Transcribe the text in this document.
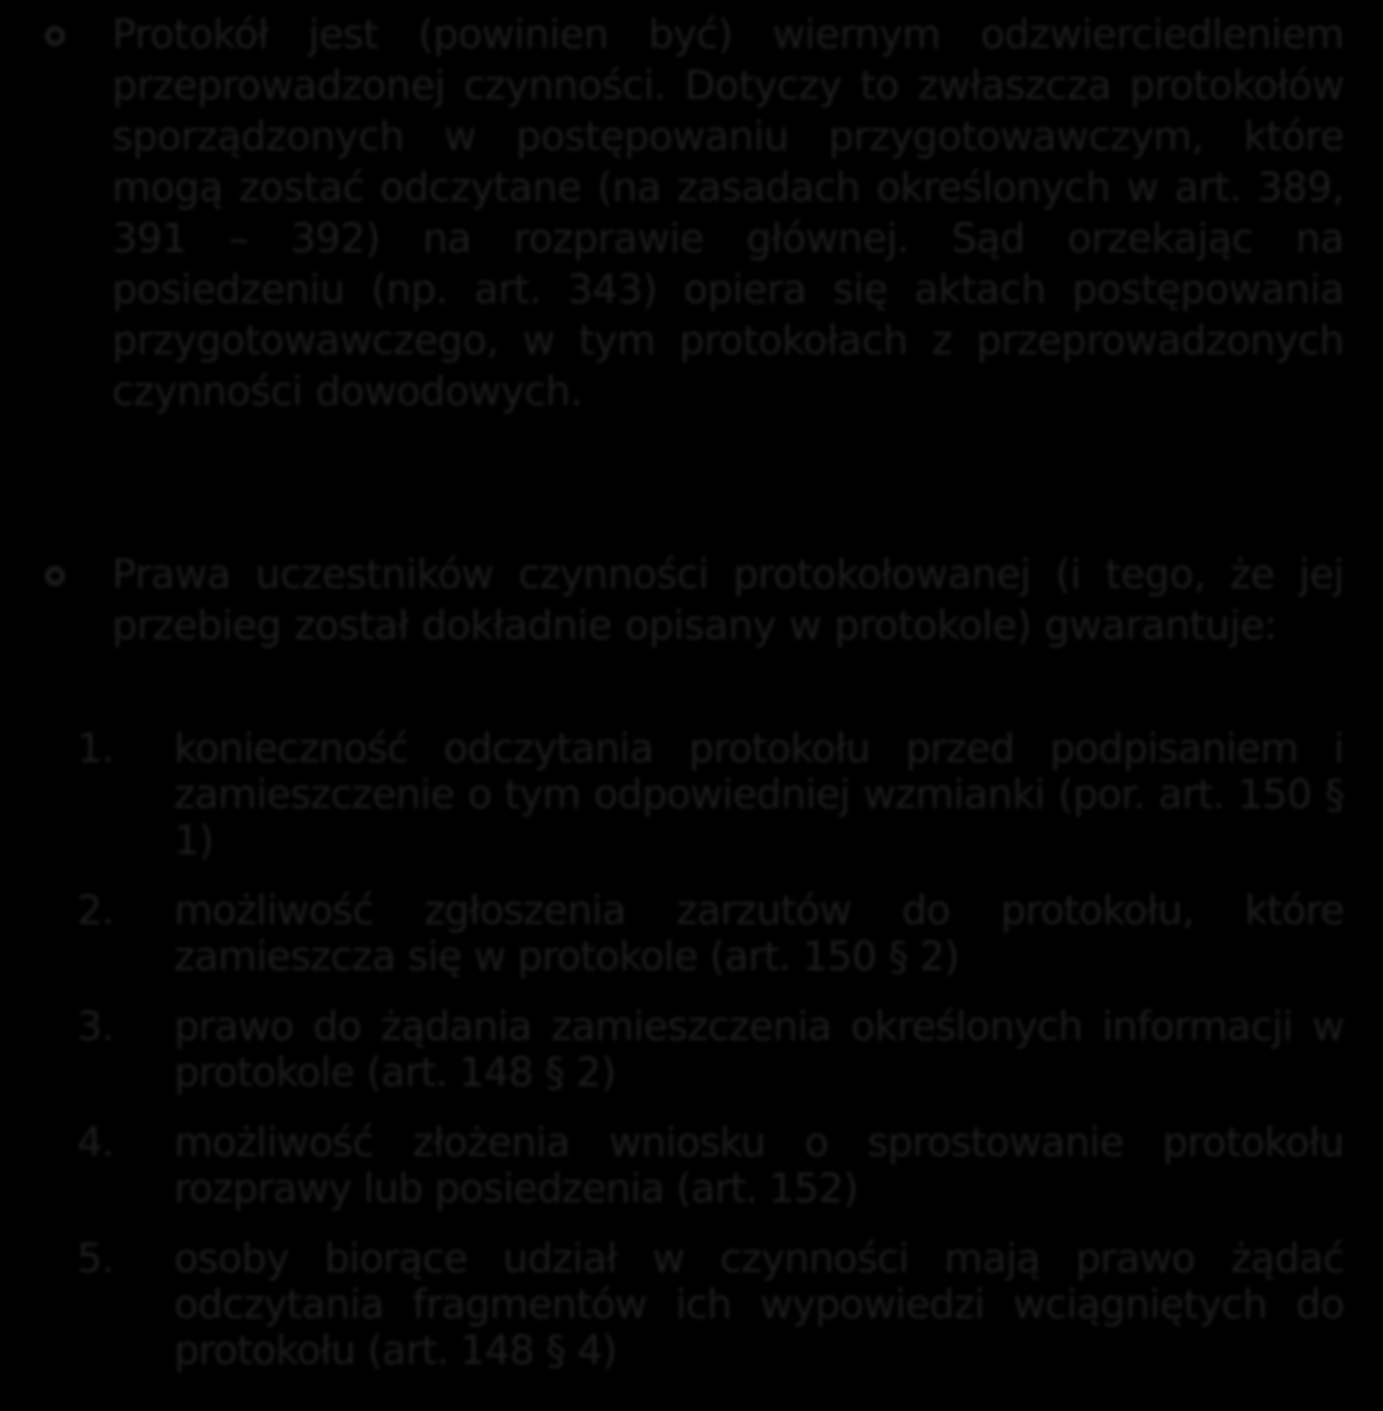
Protokół jest (powinien być) wiernym odzwierciedleniem przeprowadzonej czynności. Dotyczy to zwłaszcza protokołów sporządzonych w postępowaniu przygotowawczym, które mogą zostać odczytane (na zasadach określonych w art. 389, 391 – 392) na rozprawie głównej. Sąd orzekając na posiedzeniu (np. art. 343) opiera się aktach postępowania przygotowawczego, w tym protokołach z przeprowadzonych czynności dowodowych.
Prawa uczestników czynności protokołowanej (i tego, że jej przebieg został dokładnie opisany w protokole) gwarantuje:
1. konieczność odczytania protokołu przed podpisaniem i zamieszczenie o tym odpowiedniej wzmianki (por. art. 150 § 1)
2. możliwość zgłoszenia zarzutów do protokołu, które zamieszcza się w protokole (art. 150 § 2)
3. prawo do żądania zamieszczenia określonych informacji w protokole (art. 148 § 2)
4. możliwość złożenia wniosku o sprostowanie protokołu rozprawy lub posiedzenia (art. 152)
5. osoby biorące udział w czynności mają prawo żądać odczytania fragmentów ich wypowiedzi wciągniętych do protokołu (art. 148 § 4)
